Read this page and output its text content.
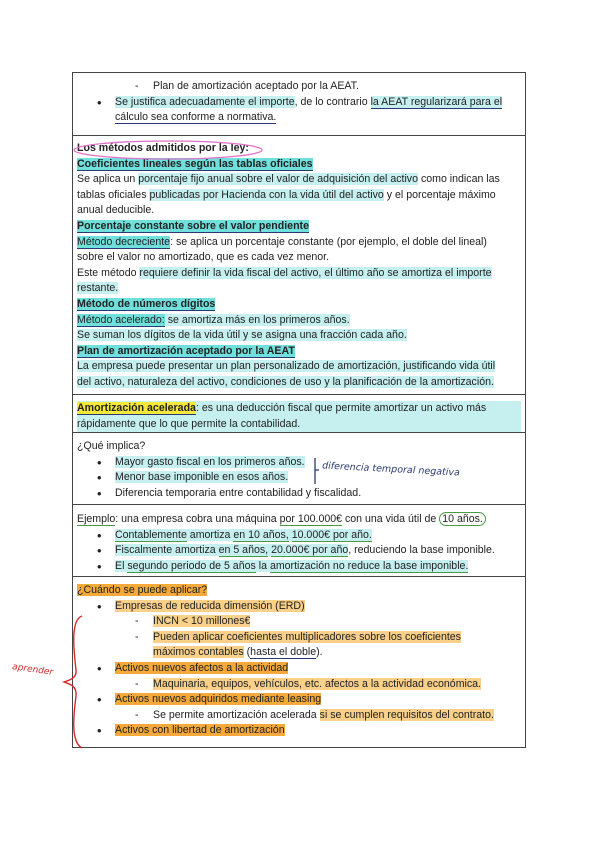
- Plan de amortización aceptado por la AEAT.

• Se justifica adecuadamente el importe, de lo contrario la AEAT regularizará para el
cálculo sea conforme a normativa.

Los métodos admitidos por la ley:

Coeficientes lineales según las tablas oficiales

Se aplica un porcentaje fijo anual sobre el valor de adquisición del activo como indican las
tablas oficiales publicadas por Hacienda con la vida útil del activo y el porcentaje máximo
anual deducible.

Porcentaje constante sobre el valor pendiente

Método decreciente: se aplica un porcentaje constante (por ejemplo, el doble del lineal)
sobre el valor no amortizado, que es cada vez menor.
Este método requiere definir la vida fiscal del activo, el último año se amortiza el importe
restante.

Método de números dígitos

Método acelerado: se amortiza más en los primeros años.
Se suman los dígitos de la vida útil y se asigna una fracción cada año.

Plan de amortización aceptado por la AEAT

La empresa puede presentar un plan personalizado de amortización, justificando vida útil
del activo, naturaleza del activo, condiciones de uso y la planificación de la amortización.

Amortización acelerada: es una deducción fiscal que permite amortizar un activo más
rápidamente que lo que permite la contabilidad.

¿Qué implica?

• Mayor gasto fiscal en los primeros años.

• Menor base imponible en esos años.

• Diferencia temporaria entre contabilidad y fiscalidad.

diferencia temporal negativa

Ejemplo: una empresa cobra una máquina por 100.000€ con una vida útil de 10 años.

• Contablemente amortiza en 10 años, 10.000€ por año.

• Fiscalmente amortiza en 5 años, 20.000€ por año, reduciendo la base imponible.

• El segundo periodo de 5 años la amortización no reduce la base imponible.

¿Cuándo se puede aplicar?

• Empresas de reducida dimensión (ERD)

- INCN < 10 millones€

- Pueden aplicar coeficientes multiplicadores sobre los coeficientes
máximos contables (hasta el doble).

• Activos nuevos afectos a la actividad

- Maquinaria, equipos, vehículos, etc. afectos a la actividad económica.

• Activos nuevos adquiridos mediante leasing

- Se permite amortización acelerada si se cumplen requisitos del contrato.

• Activos con libertad de amortización

aprender
